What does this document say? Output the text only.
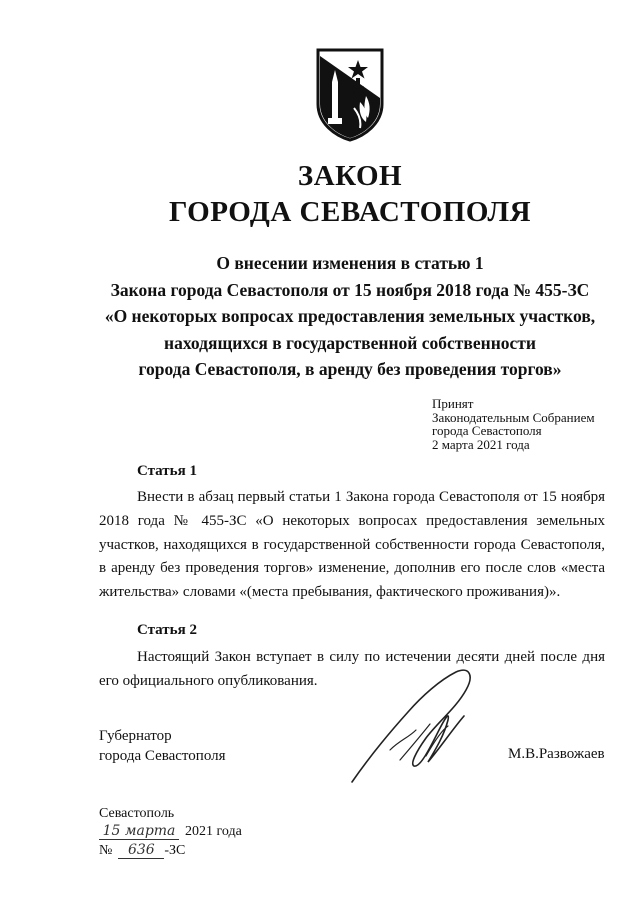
ЗАКОН
ГОРОДА СЕВАСТОПОЛЯ
О внесении изменения в статью 1
Закона города Севастополя от 15 ноября 2018 года № 455-ЗС
«О некоторых вопросах предоставления земельных участков,
находящихся в государственной собственности
города Севастополя, в аренду без проведения торгов»
Принят
Законодательным Собранием
города Севастополя
2 марта 2021 года
Статья 1
Внести в абзац первый статьи 1 Закона города Севастополя от 15 ноября 2018 года № 455-ЗС «О некоторых вопросах предоставления земельных участков, находящихся в государственной собственности города Севастополя, в аренду без проведения торгов» изменение, дополнив его после слов «места жительства» словами «(места пребывания, фактического проживания)».
Статья 2
Настоящий Закон вступает в силу по истечении десяти дней после дня его официального опубликования.
Губернатор
города Севастополя	М.В.Развожаев
Севастополь
15 марта 2021 года
№ 636 -ЗС
